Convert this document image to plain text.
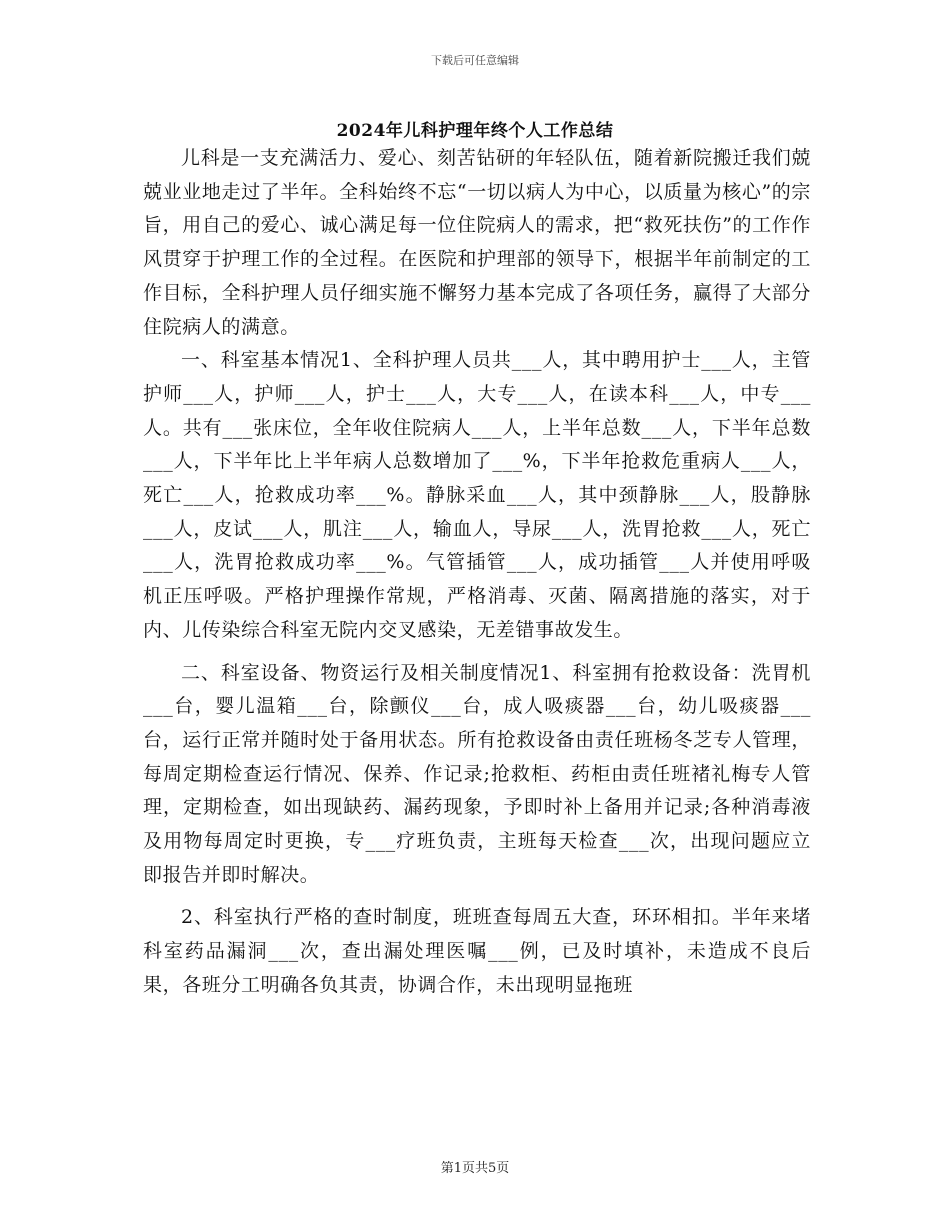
下载后可任意编辑
2024年儿科护理年终个人工作总结

儿科是一支充满活力、爱心、刻苦钻研的年轻队伍，随着新院搬迁我们兢兢业业地走过了半年。全科始终不忘“一切以病人为中心，以质量为核心”的宗旨，用自己的爱心、诚心满足每一位住院病人的需求，把“救死扶伤”的工作作风贯穿于护理工作的全过程。在医院和护理部的领导下，根据半年前制定的工作目标，全科护理人员仔细实施不懈努力基本完成了各项任务，赢得了大部分住院病人的满意。

一、科室基本情况1、全科护理人员共___人，其中聘用护士___人，主管护师___人，护师___人，护士___人，大专___人，在读本科___人，中专___人。共有___张床位，全年收住院病人___人，上半年总数___人，下半年总数___人，下半年比上半年病人总数增加了___%，下半年抢救危重病人___人，死亡___人，抢救成功率___%。静脉采血___人，其中颈静脉___人，股静脉___人，皮试___人，肌注___人，输血人，导尿___人，洗胃抢救___人，死亡___人，洗胃抢救成功率___%。气管插管___人，成功插管___人并使用呼吸机正压呼吸。严格护理操作常规，严格消毒、灭菌、隔离措施的落实，对于内、儿传染综合科室无院内交叉感染，无差错事故发生。

二、科室设备、物资运行及相关制度情况1、科室拥有抢救设备：洗胃机___台，婴儿温箱___台，除颤仪___台，成人吸痰器___台，幼儿吸痰器___台，运行正常并随时处于备用状态。所有抢救设备由责任班杨冬芝专人管理，每周定期检查运行情况、保养、作记录;抢救柜、药柜由责任班褚礼梅专人管理，定期检查，如出现缺药、漏药现象，予即时补上备用并记录;各种消毒液及用物每周定时更换，专___疗班负责，主班每天检查___次，出现问题应立即报告并即时解决。

2、科室执行严格的查时制度，班班查每周五大查，环环相扣。半年来堵科室药品漏洞___次，查出漏处理医嘱___例，已及时填补，未造成不良后果，各班分工明确各负其责，协调合作，未出现明显拖班

第1页共5页
